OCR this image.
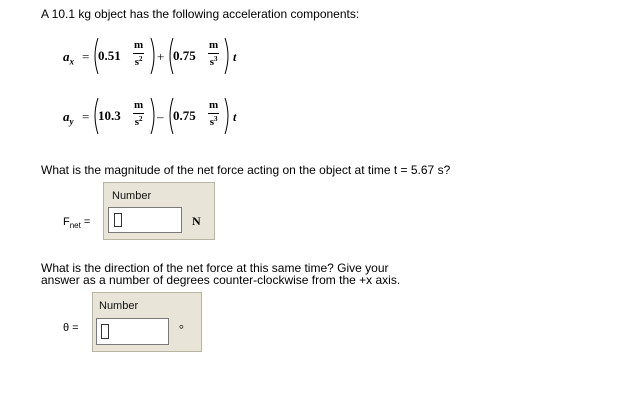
A 10.1 kg object has the following acceleration components:
$a_x = 0.51$
m
$s^2 + 0.75$
m
$s^3$ t
$a_y = 10.3$
m
$s^2 - 0.75$
m
$s^3$ t
What is the magnitude of the net force acting on the object at time t = 5.67 s?
$F_{net}$ =
Number
N
What is the direction of the net force at this same time? Give your
answer as a number of degrees counter-clockwise from the +x axis.
θ =
Number
°
